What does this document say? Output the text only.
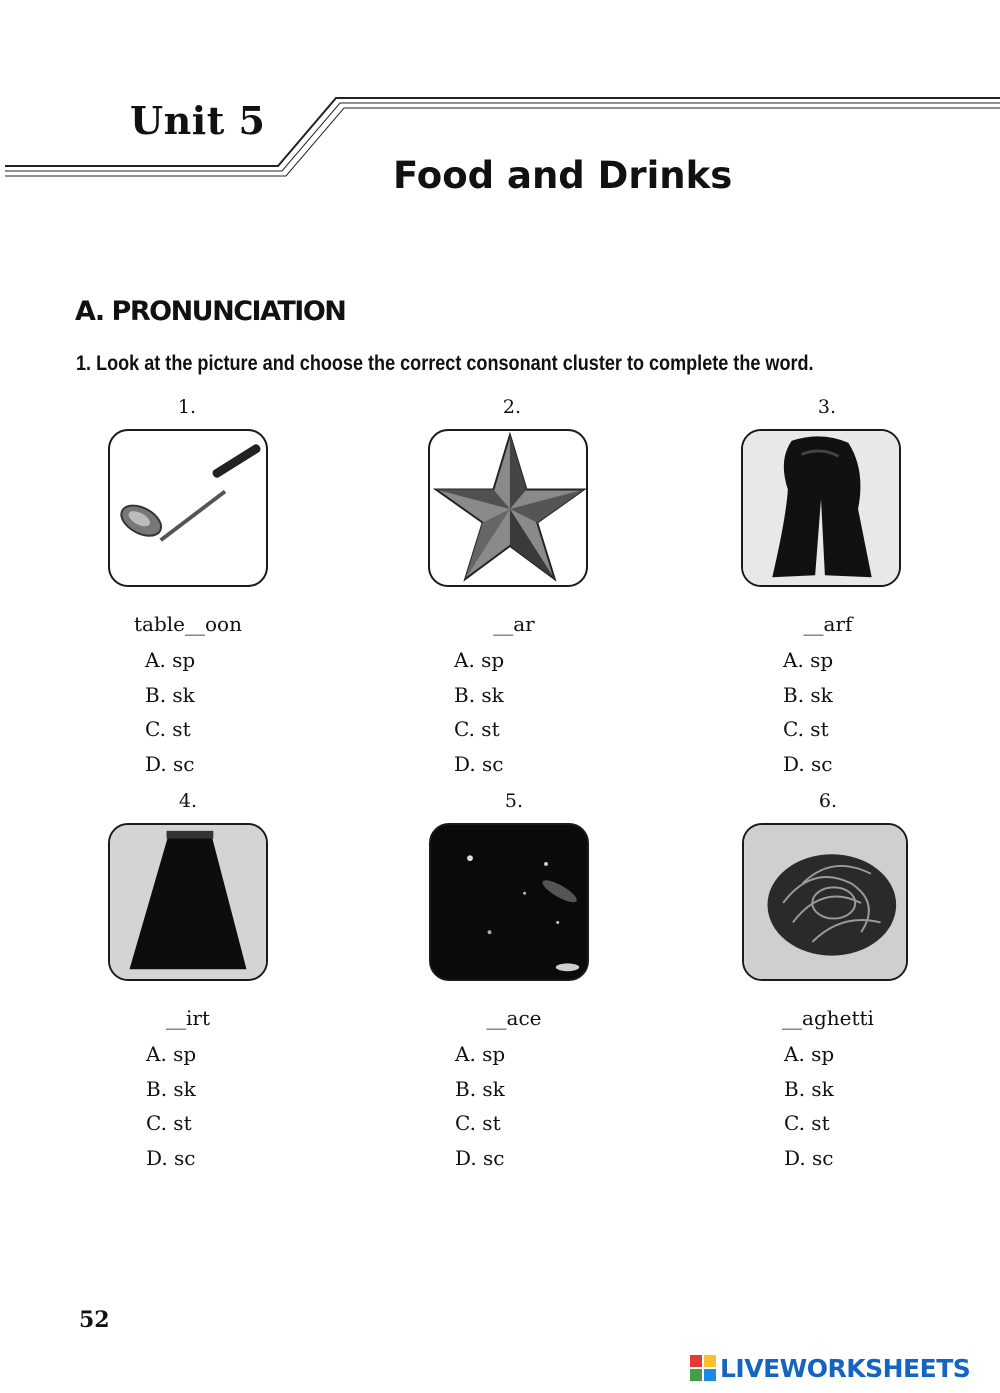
Unit 5
Food and Drinks
A. PRONUNCIATION

1. Look at the picture and choose the correct consonant cluster to complete the word.

1.
table__oon
A. sp
B. sk
C. st
D. sc
2.
__ar
A. sp
B. sk
C. st
D. sc
3.
__arf
A. sp
B. sk
C. st
D. sc
4.
__irt
A. sp
B. sk
C. st
D. sc
5.
__ace
A. sp
B. sk
C. st
D. sc
6.
__aghetti
A. sp
B. sk
C. st
D. sc
52
LIVEWORKSHEETS
